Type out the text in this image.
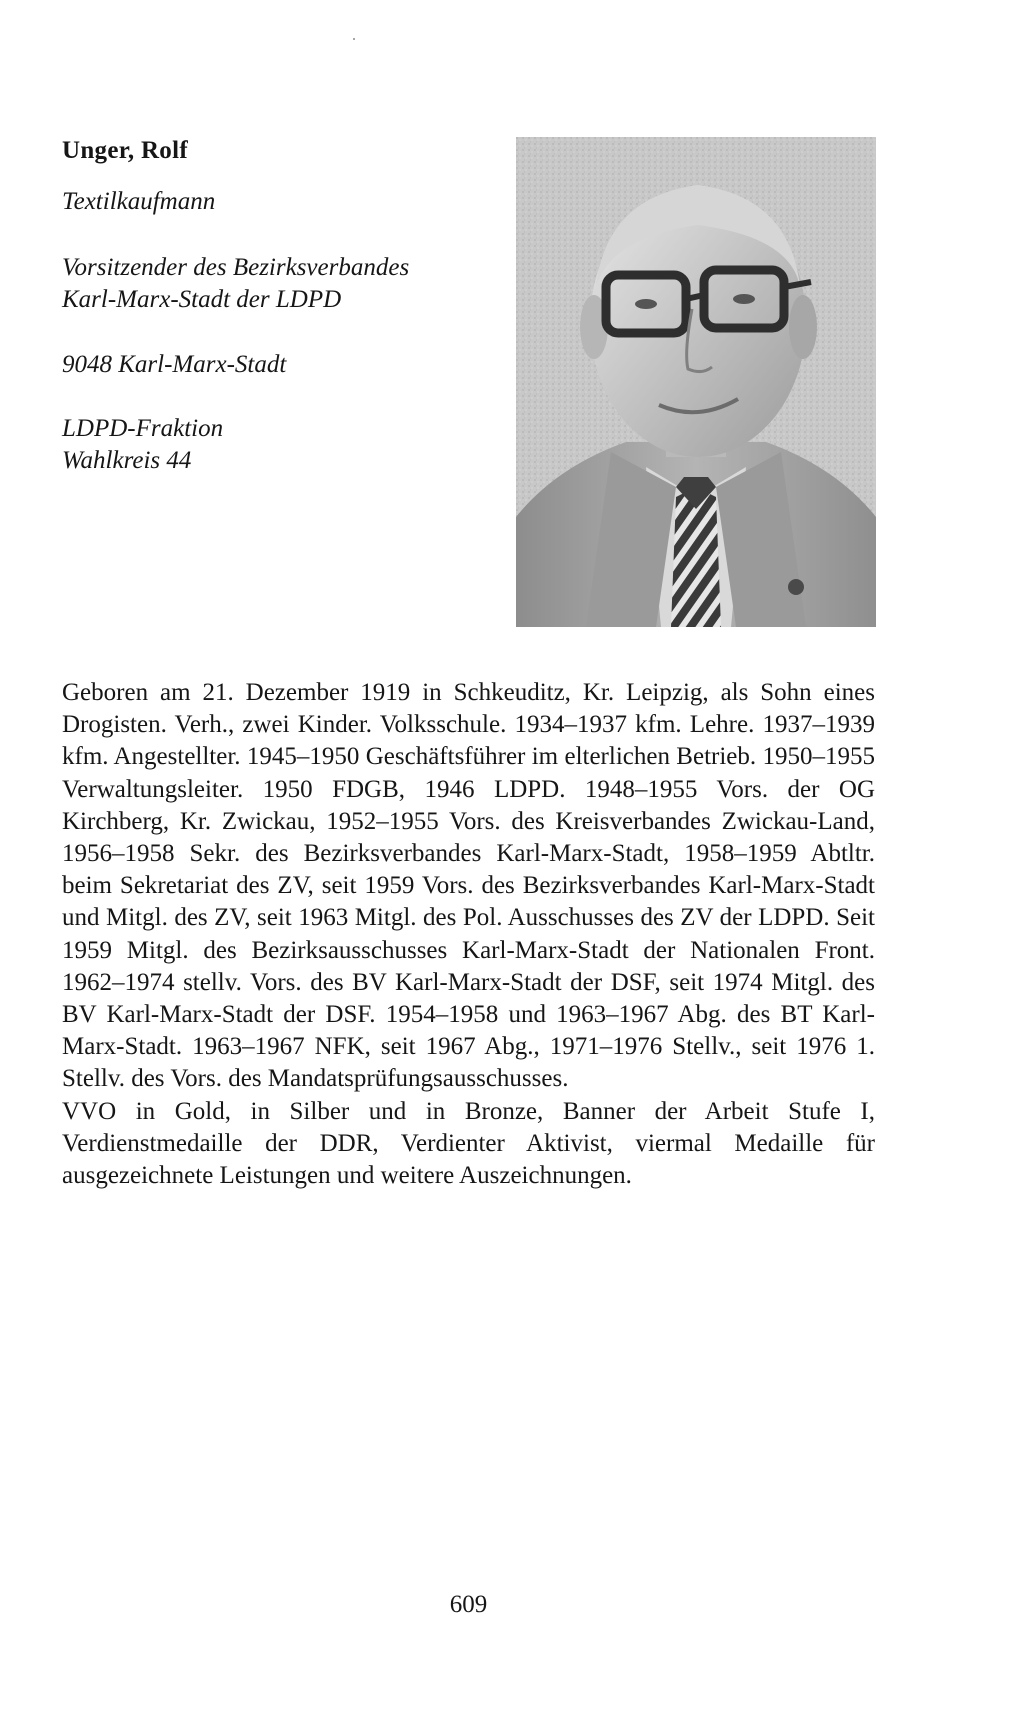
Unger, Rolf
Textilkaufmann
Vorsitzender des Bezirksverbandes
Karl-Marx-Stadt der LDPD
9048 Karl-Marx-Stadt
LDPD-Fraktion
Wahlkreis 44

Geboren am 21. Dezember 1919 in Schkeuditz, Kr. Leipzig, als Sohn eines Drogisten. Verh., zwei Kinder. Volksschule. 1934–1937 kfm. Lehre. 1937–1939 kfm. Angestellter. 1945–1950 Geschäftsführer im elterlichen Betrieb. 1950–1955 Verwaltungsleiter. 1950 FDGB, 1946 LDPD. 1948–1955 Vors. der OG Kirchberg, Kr. Zwickau, 1952–1955 Vors. des Kreisverbandes Zwickau-Land, 1956–1958 Sekr. des Bezirksverbandes Karl-Marx-Stadt, 1958–1959 Abtltr. beim Sekretariat des ZV, seit 1959 Vors. des Bezirksverbandes Karl-Marx-Stadt und Mitgl. des ZV, seit 1963 Mitgl. des Pol. Ausschusses des ZV der LDPD. Seit 1959 Mitgl. des Bezirksausschusses Karl-Marx-Stadt der Nationalen Front. 1962–1974 stellv. Vors. des BV Karl-Marx-Stadt der DSF, seit 1974 Mitgl. des BV Karl-Marx-Stadt der DSF. 1954–1958 und 1963–1967 Abg. des BT Karl-Marx-Stadt. 1963–1967 NFK, seit 1967 Abg., 1971–1976 Stellv., seit 1976 1. Stellv. des Vors. des Mandatsprüfungsausschusses.

VVO in Gold, in Silber und in Bronze, Banner der Arbeit Stufe I, Verdienstmedaille der DDR, Verdienter Aktivist, viermal Medaille für ausgezeichnete Leistungen und weitere Auszeichnungen.

609
